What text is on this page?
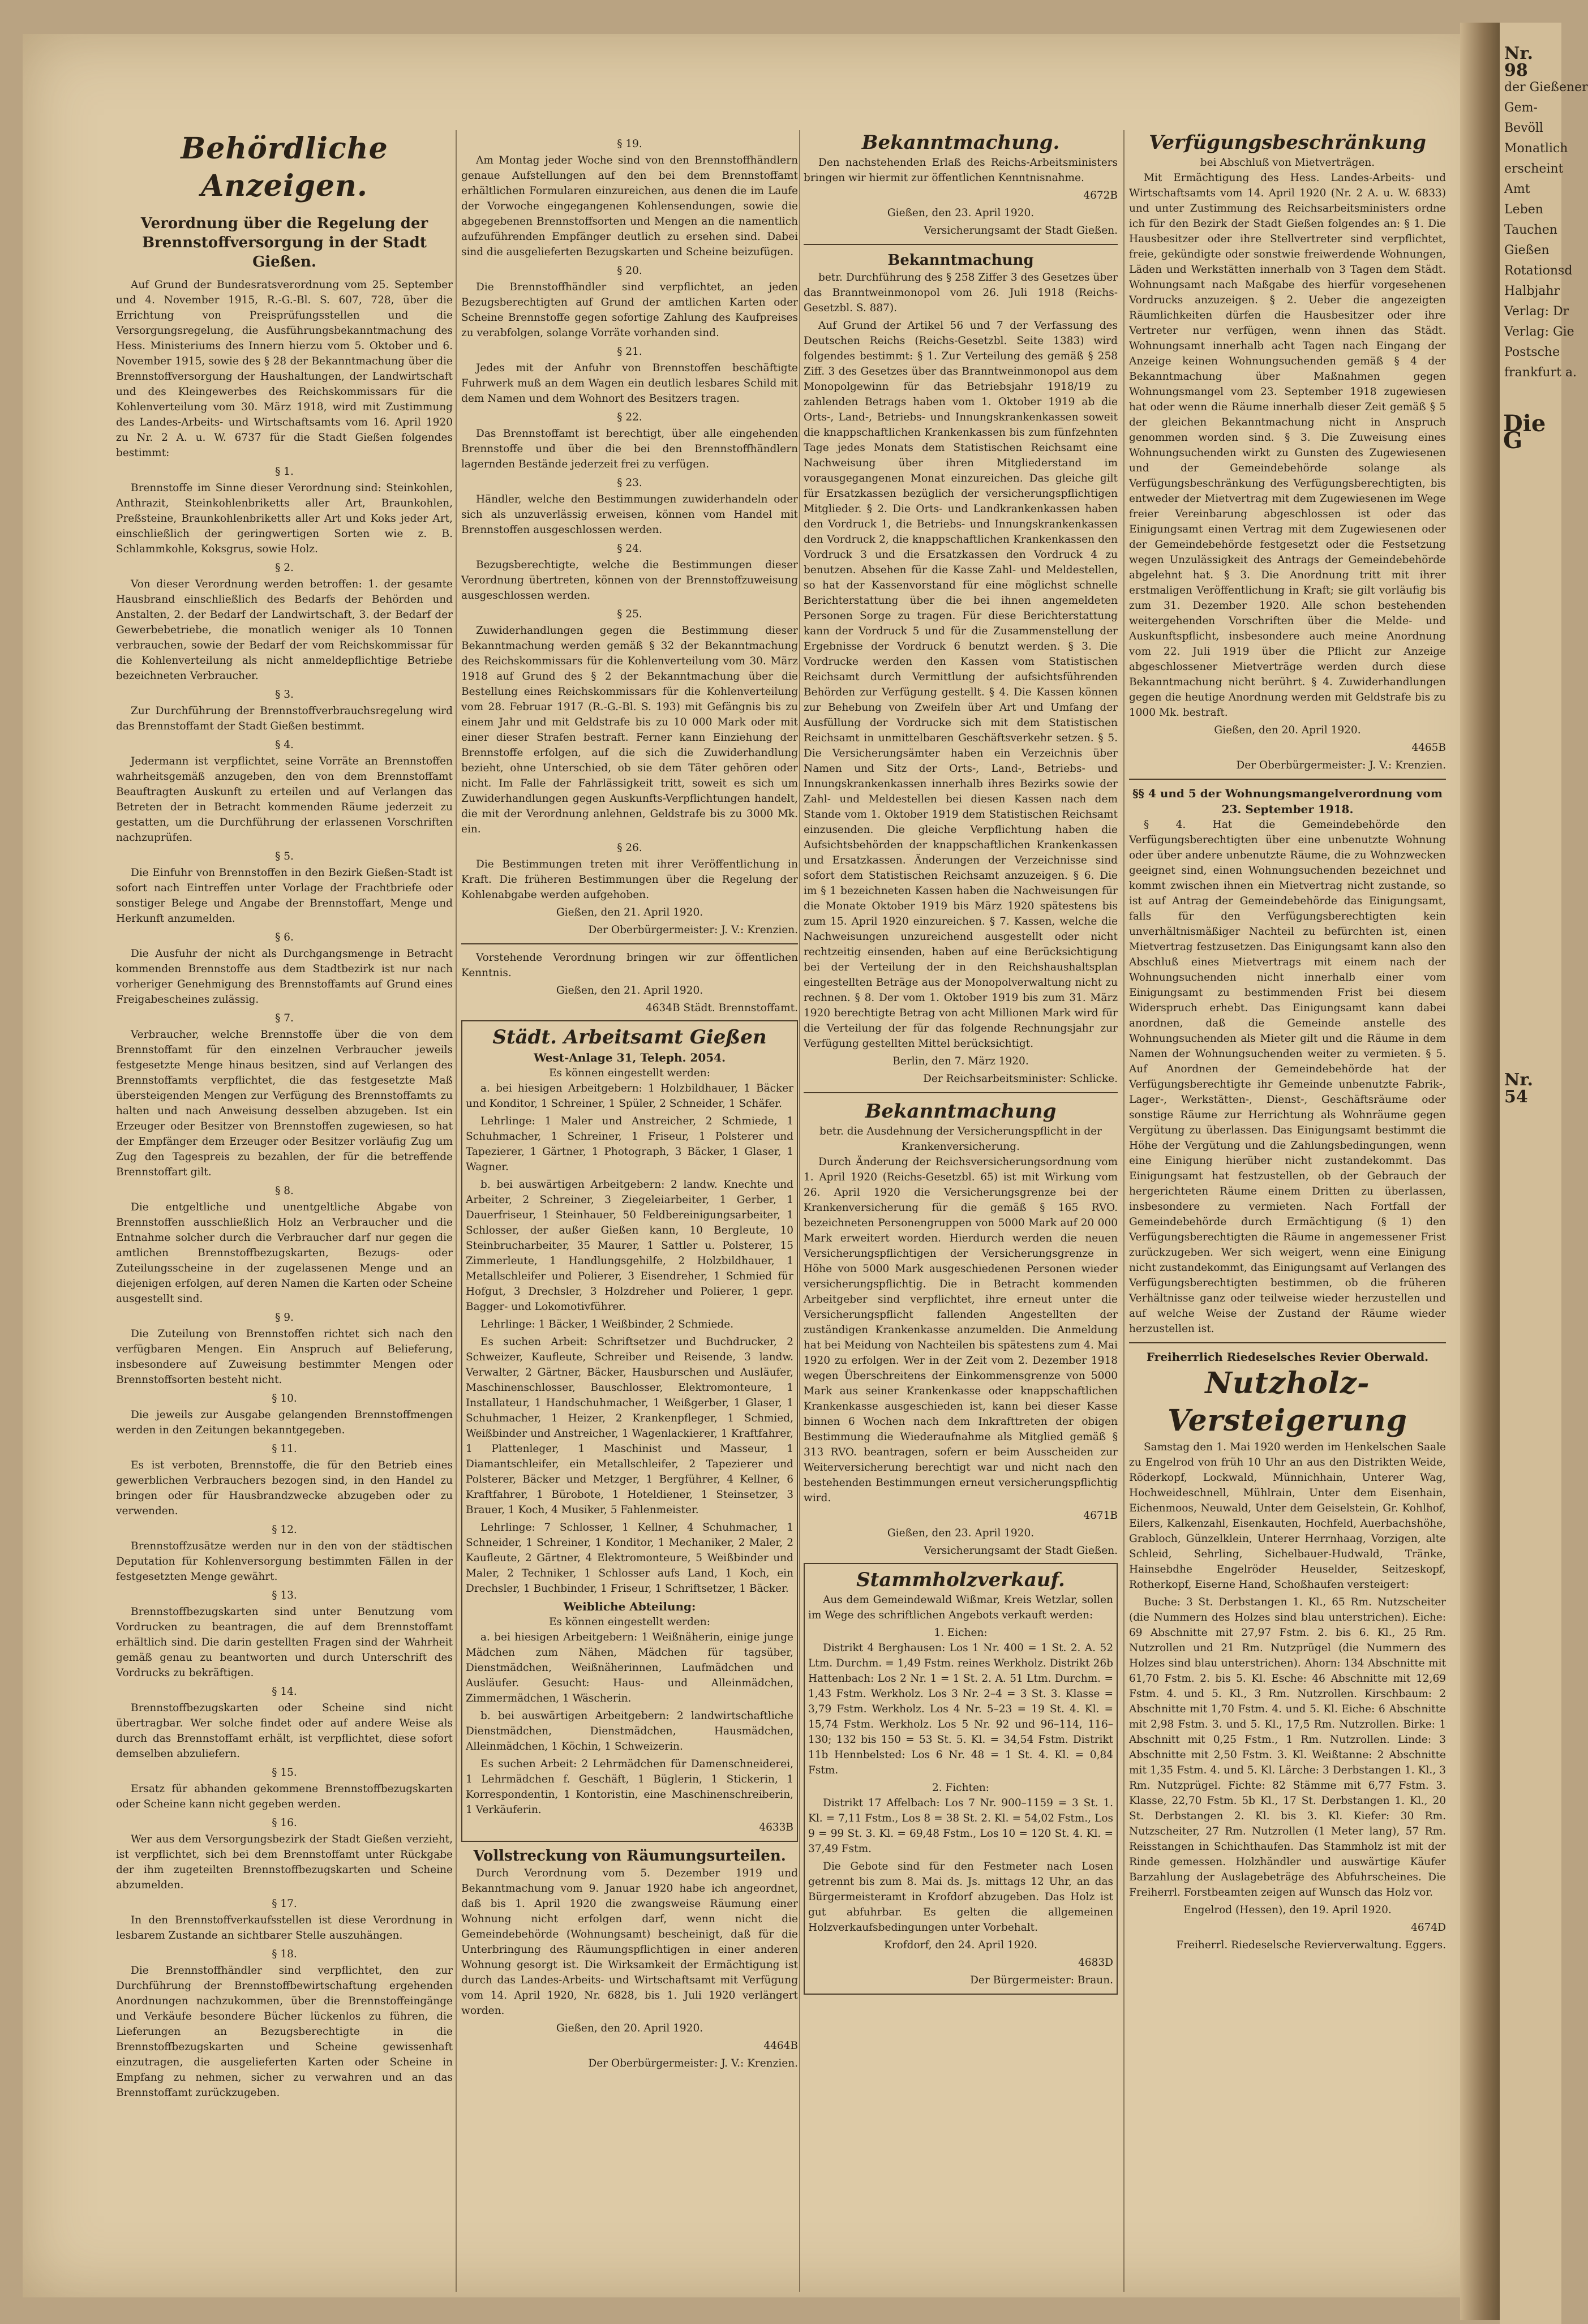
Nr. 98
der Gießener
Gem-
Bevöll
Monatlich
erscheint
Amt
Leben
Tauchen
Gießen
Rotationsd
Halbjahr
Verlag: Dr
Verlag: Gie
Postsche
frankfurt a.
Die G
Nr. 54
Behördliche Anzeigen.
Verordnung über die Regelung der Brennstoffversorgung in der Stadt Gießen.
Auf Grund der Bundesratsverordnung vom 25. September und 4. November 1915, R.-G.-Bl. S. 607, 728, über die Errichtung von Preisprüfungsstellen und die Versorgungsregelung, die Ausführungsbekanntmachung des Hess. Ministeriums des Innern hierzu vom 5. Oktober und 6. November 1915, sowie des § 28 der Bekanntmachung über die Brennstoffversorgung der Haushaltungen, der Landwirtschaft und des Kleingewerbes des Reichskommissars für die Kohlenverteilung vom 30. März 1918, wird mit Zustimmung des Landes-Arbeits- und Wirtschaftsamts vom 16. April 1920 zu Nr. 2 A. u. W. 6737 für die Stadt Gießen folgendes bestimmt:
§ 1.
Brennstoffe im Sinne dieser Verordnung sind: Steinkohlen, Anthrazit, Steinkohlenbriketts aller Art, Braunkohlen, Preßsteine, Braunkohlenbriketts aller Art und Koks jeder Art, einschließlich der geringwertigen Sorten wie z. B. Schlammkohle, Koksgrus, sowie Holz.
§ 2.
Von dieser Verordnung werden betroffen: 1. der gesamte Hausbrand einschließlich des Bedarfs der Behörden und Anstalten, 2. der Bedarf der Landwirtschaft, 3. der Bedarf der Gewerbebetriebe, die monatlich weniger als 10 Tonnen verbrauchen, sowie der Bedarf der vom Reichskommissar für die Kohlenverteilung als nicht anmeldepflichtige Betriebe bezeichneten Verbraucher.
§ 3.
Zur Durchführung der Brennstoffverbrauchsregelung wird das Brennstoffamt der Stadt Gießen bestimmt.
§ 4.
Jedermann ist verpflichtet, seine Vorräte an Brennstoffen wahrheitsgemäß anzugeben, den von dem Brennstoffamt Beauftragten Auskunft zu erteilen und auf Verlangen das Betreten der in Betracht kommenden Räume jederzeit zu gestatten, um die Durchführung der erlassenen Vorschriften nachzuprüfen.
§ 5.
Die Einfuhr von Brennstoffen in den Bezirk Gießen-Stadt ist sofort nach Eintreffen unter Vorlage der Frachtbriefe oder sonstiger Belege und Angabe der Brennstoffart, Menge und Herkunft anzumelden.
§ 6.
Die Ausfuhr der nicht als Durchgangsmenge in Betracht kommenden Brennstoffe aus dem Stadtbezirk ist nur nach vorheriger Genehmigung des Brennstoffamts auf Grund eines Freigabescheines zulässig.
§ 7.
Verbraucher, welche Brennstoffe über die von dem Brennstoffamt für den einzelnen Verbraucher jeweils festgesetzte Menge hinaus besitzen, sind auf Verlangen des Brennstoffamts verpflichtet, die das festgesetzte Maß übersteigenden Mengen zur Verfügung des Brennstoffamts zu halten und nach Anweisung desselben abzugeben. Ist ein Erzeuger oder Besitzer von Brennstoffen zugewiesen, so hat der Empfänger dem Erzeuger oder Besitzer vorläufig Zug um Zug den Tagespreis zu bezahlen, der für die betreffende Brennstoffart gilt.
§ 8.
Die entgeltliche und unentgeltliche Abgabe von Brennstoffen ausschließlich Holz an Verbraucher und die Entnahme solcher durch die Verbraucher darf nur gegen die amtlichen Brennstoffbezugskarten, Bezugs- oder Zuteilungsscheine in der zugelassenen Menge und an diejenigen erfolgen, auf deren Namen die Karten oder Scheine ausgestellt sind.
§ 9.
Die Zuteilung von Brennstoffen richtet sich nach den verfügbaren Mengen. Ein Anspruch auf Belieferung, insbesondere auf Zuweisung bestimmter Mengen oder Brennstoffsorten besteht nicht.
§ 10.
Die jeweils zur Ausgabe gelangenden Brennstoffmengen werden in den Zeitungen bekanntgegeben.
§ 11.
Es ist verboten, Brennstoffe, die für den Betrieb eines gewerblichen Verbrauchers bezogen sind, in den Handel zu bringen oder für Hausbrandzwecke abzugeben oder zu verwenden.
§ 12.
Brennstoffzusätze werden nur in den von der städtischen Deputation für Kohlenversorgung bestimmten Fällen in der festgesetzten Menge gewährt.
§ 13.
Brennstoffbezugskarten sind unter Benutzung vom Vordrucken zu beantragen, die auf dem Brennstoffamt erhältlich sind. Die darin gestellten Fragen sind der Wahrheit gemäß genau zu beantworten und durch Unterschrift des Vordrucks zu bekräftigen.
§ 14.
Brennstoffbezugskarten oder Scheine sind nicht übertragbar. Wer solche findet oder auf andere Weise als durch das Brennstoffamt erhält, ist verpflichtet, diese sofort demselben abzuliefern.
§ 15.
Ersatz für abhanden gekommene Brennstoffbezugskarten oder Scheine kann nicht gegeben werden.
§ 16.
Wer aus dem Versorgungsbezirk der Stadt Gießen verzieht, ist verpflichtet, sich bei dem Brennstoffamt unter Rückgabe der ihm zugeteilten Brennstoffbezugskarten und Scheine abzumelden.
§ 17.
In den Brennstoffverkaufsstellen ist diese Verordnung in lesbarem Zustande an sichtbarer Stelle auszuhängen.
§ 18.
Die Brennstoffhändler sind verpflichtet, den zur Durchführung der Brennstoffbewirtschaftung ergehenden Anordnungen nachzukommen, über die Brennstoffeingänge und Verkäufe besondere Bücher lückenlos zu führen, die Lieferungen an Bezugsberechtigte in die Brennstoffbezugskarten und Scheine gewissenhaft einzutragen, die ausgelieferten Karten oder Scheine in Empfang zu nehmen, sicher zu verwahren und an das Brennstoffamt zurückzugeben.
§ 19.
Am Montag jeder Woche sind von den Brennstoffhändlern genaue Aufstellungen auf den bei dem Brennstoffamt erhältlichen Formularen einzureichen, aus denen die im Laufe der Vorwoche eingegangenen Kohlensendungen, sowie die abgegebenen Brennstoffsorten und Mengen an die namentlich aufzuführenden Empfänger deutlich zu ersehen sind. Dabei sind die ausgelieferten Bezugskarten und Scheine beizufügen.
§ 20.
Die Brennstoffhändler sind verpflichtet, an jeden Bezugsberechtigten auf Grund der amtlichen Karten oder Scheine Brennstoffe gegen sofortige Zahlung des Kaufpreises zu verabfolgen, solange Vorräte vorhanden sind.
§ 21.
Jedes mit der Anfuhr von Brennstoffen beschäftigte Fuhrwerk muß an dem Wagen ein deutlich lesbares Schild mit dem Namen und dem Wohnort des Besitzers tragen.
§ 22.
Das Brennstoffamt ist berechtigt, über alle eingehenden Brennstoffe und über die bei den Brennstoffhändlern lagernden Bestände jederzeit frei zu verfügen.
§ 23.
Händler, welche den Bestimmungen zuwiderhandeln oder sich als unzuverlässig erweisen, können vom Handel mit Brennstoffen ausgeschlossen werden.
§ 24.
Bezugsberechtigte, welche die Bestimmungen dieser Verordnung übertreten, können von der Brennstoffzuweisung ausgeschlossen werden.
§ 25.
Zuwiderhandlungen gegen die Bestimmung dieser Bekanntmachung werden gemäß § 32 der Bekanntmachung des Reichskommissars für die Kohlenverteilung vom 30. März 1918 auf Grund des § 2 der Bekanntmachung über die Bestellung eines Reichskommissars für die Kohlenverteilung vom 28. Februar 1917 (R.-G.-Bl. S. 193) mit Gefängnis bis zu einem Jahr und mit Geldstrafe bis zu 10 000 Mark oder mit einer dieser Strafen bestraft. Ferner kann Einziehung der Brennstoffe erfolgen, auf die sich die Zuwiderhandlung bezieht, ohne Unterschied, ob sie dem Täter gehören oder nicht. Im Falle der Fahrlässigkeit tritt, soweit es sich um Zuwiderhandlungen gegen Auskunfts-Verpflichtungen handelt, die mit der Verordnung anlehnen, Geldstrafe bis zu 3000 Mk. ein.
§ 26.
Die Bestimmungen treten mit ihrer Veröffentlichung in Kraft. Die früheren Bestimmungen über die Regelung der Kohlenabgabe werden aufgehoben.
Gießen, den 21. April 1920.
Der Oberbürgermeister: J. V.: Krenzien.
Vorstehende Verordnung bringen wir zur öffentlichen Kenntnis.
Gießen, den 21. April 1920.
4634B Städt. Brennstoffamt.
Städt. Arbeitsamt Gießen
West-Anlage 31, Teleph. 2054.
Es können eingestellt werden:
a. bei hiesigen Arbeitgebern: 1 Holzbildhauer, 1 Bäcker und Konditor, 1 Schreiner, 1 Spüler, 2 Schneider, 1 Schäfer.
Lehrlinge: 1 Maler und Anstreicher, 2 Schmiede, 1 Schuhmacher, 1 Schreiner, 1 Friseur, 1 Polsterer und Tapezierer, 1 Gärtner, 1 Photograph, 3 Bäcker, 1 Glaser, 1 Wagner.
b. bei auswärtigen Arbeitgebern: 2 landw. Knechte und Arbeiter, 2 Schreiner, 3 Ziegeleiarbeiter, 1 Gerber, 1 Dauerfriseur, 1 Steinhauer, 50 Feldbereinigungsarbeiter, 1 Schlosser, der außer Gießen kann, 10 Bergleute, 10 Steinbrucharbeiter, 35 Maurer, 1 Sattler u. Polsterer, 15 Zimmerleute, 1 Handlungsgehilfe, 2 Holzbildhauer, 1 Metallschleifer und Polierer, 3 Eisendreher, 1 Schmied für Hofgut, 3 Drechsler, 3 Holzdreher und Polierer, 1 gepr. Bagger- und Lokomotivführer.
Lehrlinge: 1 Bäcker, 1 Weißbinder, 2 Schmiede.
Es suchen Arbeit: Schriftsetzer und Buchdrucker, 2 Schweizer, Kaufleute, Schreiber und Reisende, 3 landw. Verwalter, 2 Gärtner, Bäcker, Hausburschen und Ausläufer, Maschinenschlosser, Bauschlosser, Elektromonteure, 1 Installateur, 1 Handschuhmacher, 1 Weißgerber, 1 Glaser, 1 Schuhmacher, 1 Heizer, 2 Krankenpfleger, 1 Schmied, Weißbinder und Anstreicher, 1 Wagenlackierer, 1 Kraftfahrer, 1 Plattenleger, 1 Maschinist und Masseur, 1 Diamantschleifer, ein Metallschleifer, 2 Tapezierer und Polsterer, Bäcker und Metzger, 1 Bergführer, 4 Kellner, 6 Kraftfahrer, 1 Bürobote, 1 Hoteldiener, 1 Steinsetzer, 3 Brauer, 1 Koch, 4 Musiker, 5 Fahlenmeister.
Lehrlinge: 7 Schlosser, 1 Kellner, 4 Schuhmacher, 1 Schneider, 1 Schreiner, 1 Konditor, 1 Mechaniker, 2 Maler, 2 Kaufleute, 2 Gärtner, 4 Elektromonteure, 5 Weißbinder und Maler, 2 Techniker, 1 Schlosser aufs Land, 1 Koch, ein Drechsler, 1 Buchbinder, 1 Friseur, 1 Schriftsetzer, 1 Bäcker.
Weibliche Abteilung:
Es können eingestellt werden:
a. bei hiesigen Arbeitgebern: 1 Weißnäherin, einige junge Mädchen zum Nähen, Mädchen für tagsüber, Dienstmädchen, Weißnäherinnen, Laufmädchen und Ausläufer. Gesucht: Haus- und Alleinmädchen, Zimmermädchen, 1 Wäscherin.
b. bei auswärtigen Arbeitgebern: 2 landwirtschaftliche Dienstmädchen, Dienstmädchen, Hausmädchen, Alleinmädchen, 1 Köchin, 1 Schweizerin.
Es suchen Arbeit: 2 Lehrmädchen für Damenschneiderei, 1 Lehrmädchen f. Geschäft, 1 Büglerin, 1 Stickerin, 1 Korrespondentin, 1 Kontoristin, eine Maschinenschreiberin, 1 Verkäuferin.
4633B
Vollstreckung von Räumungsurteilen.
Durch Verordnung vom 5. Dezember 1919 und Bekanntmachung vom 9. Januar 1920 habe ich angeordnet, daß bis 1. April 1920 die zwangsweise Räumung einer Wohnung nicht erfolgen darf, wenn nicht die Gemeindebehörde (Wohnungsamt) bescheinigt, daß für die Unterbringung des Räumungspflichtigen in einer anderen Wohnung gesorgt ist. Die Wirksamkeit der Ermächtigung ist durch das Landes-Arbeits- und Wirtschaftsamt mit Verfügung vom 14. April 1920, Nr. 6828, bis 1. Juli 1920 verlängert worden.
Gießen, den 20. April 1920.
4464B
Der Oberbürgermeister: J. V.: Krenzien.
Bekanntmachung.
Den nachstehenden Erlaß des Reichs-Arbeitsministers bringen wir hiermit zur öffentlichen Kenntnisnahme.
4672B
Gießen, den 23. April 1920.
Versicherungsamt der Stadt Gießen.
Bekanntmachung
betr. Durchführung des § 258 Ziffer 3 des Gesetzes über das Branntweinmonopol vom 26. Juli 1918 (Reichs-Gesetzbl. S. 887).
Auf Grund der Artikel 56 und 7 der Verfassung des Deutschen Reichs (Reichs-Gesetzbl. Seite 1383) wird folgendes bestimmt: § 1. Zur Verteilung des gemäß § 258 Ziff. 3 des Gesetzes über das Branntweinmonopol aus dem Monopolgewinn für das Betriebsjahr 1918/19 zu zahlenden Betrags haben vom 1. Oktober 1919 ab die Orts-, Land-, Betriebs- und Innungskrankenkassen soweit die knappschaftlichen Krankenkassen bis zum fünfzehnten Tage jedes Monats dem Statistischen Reichsamt eine Nachweisung über ihren Mitgliederstand im vorausgegangenen Monat einzureichen. Das gleiche gilt für Ersatzkassen bezüglich der versicherungspflichtigen Mitglieder. § 2. Die Orts- und Landkrankenkassen haben den Vordruck 1, die Betriebs- und Innungskrankenkassen den Vordruck 2, die knappschaftlichen Krankenkassen den Vordruck 3 und die Ersatzkassen den Vordruck 4 zu benutzen. Absehen für die Kasse Zahl- und Meldestellen, so hat der Kassenvorstand für eine möglichst schnelle Berichterstattung über die bei ihnen angemeldeten Personen Sorge zu tragen. Für diese Berichterstattung kann der Vordruck 5 und für die Zusammenstellung der Ergebnisse der Vordruck 6 benutzt werden. § 3. Die Vordrucke werden den Kassen vom Statistischen Reichsamt durch Vermittlung der aufsichtsführenden Behörden zur Verfügung gestellt. § 4. Die Kassen können zur Behebung von Zweifeln über Art und Umfang der Ausfüllung der Vordrucke sich mit dem Statistischen Reichsamt in unmittelbaren Geschäftsverkehr setzen. § 5. Die Versicherungsämter haben ein Verzeichnis über Namen und Sitz der Orts-, Land-, Betriebs- und Innungskrankenkassen innerhalb ihres Bezirks sowie der Zahl- und Meldestellen bei diesen Kassen nach dem Stande vom 1. Oktober 1919 dem Statistischen Reichsamt einzusenden. Die gleiche Verpflichtung haben die Aufsichtsbehörden der knappschaftlichen Krankenkassen und Ersatzkassen. Änderungen der Verzeichnisse sind sofort dem Statistischen Reichsamt anzuzeigen. § 6. Die im § 1 bezeichneten Kassen haben die Nachweisungen für die Monate Oktober 1919 bis März 1920 spätestens bis zum 15. April 1920 einzureichen. § 7. Kassen, welche die Nachweisungen unzureichend ausgestellt oder nicht rechtzeitig einsenden, haben auf eine Berücksichtigung bei der Verteilung der in den Reichshaushaltsplan eingestellten Beträge aus der Monopolverwaltung nicht zu rechnen. § 8. Der vom 1. Oktober 1919 bis zum 31. März 1920 berechtigte Betrag von acht Millionen Mark wird für die Verteilung der für das folgende Rechnungsjahr zur Verfügung gestellten Mittel berücksichtigt.
Berlin, den 7. März 1920.
Der Reichsarbeitsminister: Schlicke.
Bekanntmachung
betr. die Ausdehnung der Versicherungspflicht in der Krankenversicherung.
Durch Änderung der Reichsversicherungsordnung vom 1. April 1920 (Reichs-Gesetzbl. 65) ist mit Wirkung vom 26. April 1920 die Versicherungsgrenze bei der Krankenversicherung für die gemäß § 165 RVO. bezeichneten Personengruppen von 5000 Mark auf 20 000 Mark erweitert worden. Hierdurch werden die neuen Versicherungspflichtigen der Versicherungsgrenze in Höhe von 5000 Mark ausgeschiedenen Personen wieder versicherungspflichtig. Die in Betracht kommenden Arbeitgeber sind verpflichtet, ihre erneut unter die Versicherungspflicht fallenden Angestellten der zuständigen Krankenkasse anzumelden. Die Anmeldung hat bei Meidung von Nachteilen bis spätestens zum 4. Mai 1920 zu erfolgen. Wer in der Zeit vom 2. Dezember 1918 wegen Überschreitens der Einkommensgrenze von 5000 Mark aus seiner Krankenkasse oder knappschaftlichen Krankenkasse ausgeschieden ist, kann bei dieser Kasse binnen 6 Wochen nach dem Inkrafttreten der obigen Bestimmung die Wiederaufnahme als Mitglied gemäß § 313 RVO. beantragen, sofern er beim Ausscheiden zur Weiterversicherung berechtigt war und nicht nach den bestehenden Bestimmungen erneut versicherungspflichtig wird.
4671B
Gießen, den 23. April 1920.
Versicherungsamt der Stadt Gießen.
Stammholzverkauf.
Aus dem Gemeindewald Wißmar, Kreis Wetzlar, sollen im Wege des schriftlichen Angebots verkauft werden:
1. Eichen:
Distrikt 4 Berghausen: Los 1 Nr. 400 = 1 St. 2. A. 52 Ltm. Durchm. = 1,49 Fstm. reines Werkholz. Distrikt 26b Hattenbach: Los 2 Nr. 1 = 1 St. 2. A. 51 Ltm. Durchm. = 1,43 Fstm. Werkholz. Los 3 Nr. 2–4 = 3 St. 3. Klasse = 3,79 Fstm. Werkholz. Los 4 Nr. 5–23 = 19 St. 4. Kl. = 15,74 Fstm. Werkholz. Los 5 Nr. 92 und 96–114, 116–130; 132 bis 150 = 53 St. 5. Kl. = 34,54 Fstm. Distrikt 11b Hennbelsted: Los 6 Nr. 48 = 1 St. 4. Kl. = 0,84 Fstm.
2. Fichten:
Distrikt 17 Affelbach: Los 7 Nr. 900–1159 = 3 St. 1. Kl. = 7,11 Fstm., Los 8 = 38 St. 2. Kl. = 54,02 Fstm., Los 9 = 99 St. 3. Kl. = 69,48 Fstm., Los 10 = 120 St. 4. Kl. = 37,49 Fstm.
Die Gebote sind für den Festmeter nach Losen getrennt bis zum 8. Mai ds. Js. mittags 12 Uhr, an das Bürgermeisteramt in Krofdorf abzugeben. Das Holz ist gut abfuhrbar. Es gelten die allgemeinen Holzverkaufsbedingungen unter Vorbehalt.
Krofdorf, den 24. April 1920.
4683D
Der Bürgermeister: Braun.
Verfügungsbeschränkung
bei Abschluß von Mietverträgen.
Mit Ermächtigung des Hess. Landes-Arbeits- und Wirtschaftsamts vom 14. April 1920 (Nr. 2 A. u. W. 6833) und unter Zustimmung des Reichsarbeitsministers ordne ich für den Bezirk der Stadt Gießen folgendes an: § 1. Die Hausbesitzer oder ihre Stellvertreter sind verpflichtet, freie, gekündigte oder sonstwie freiwerdende Wohnungen, Läden und Werkstätten innerhalb von 3 Tagen dem Städt. Wohnungsamt nach Maßgabe des hierfür vorgesehenen Vordrucks anzuzeigen. § 2. Ueber die angezeigten Räumlichkeiten dürfen die Hausbesitzer oder ihre Vertreter nur verfügen, wenn ihnen das Städt. Wohnungsamt innerhalb acht Tagen nach Eingang der Anzeige keinen Wohnungsuchenden gemäß § 4 der Bekanntmachung über Maßnahmen gegen Wohnungsmangel vom 23. September 1918 zugewiesen hat oder wenn die Räume innerhalb dieser Zeit gemäß § 5 der gleichen Bekanntmachung nicht in Anspruch genommen worden sind. § 3. Die Zuweisung eines Wohnungsuchenden wirkt zu Gunsten des Zugewiesenen und der Gemeindebehörde solange als Verfügungsbeschränkung des Verfügungsberechtigten, bis entweder der Mietvertrag mit dem Zugewiesenen im Wege freier Vereinbarung abgeschlossen ist oder das Einigungsamt einen Vertrag mit dem Zugewiesenen oder der Gemeindebehörde festgesetzt oder die Festsetzung wegen Unzulässigkeit des Antrags der Gemeindebehörde abgelehnt hat. § 3. Die Anordnung tritt mit ihrer erstmaligen Veröffentlichung in Kraft; sie gilt vorläufig bis zum 31. Dezember 1920. Alle schon bestehenden weitergehenden Vorschriften über die Melde- und Auskunftspflicht, insbesondere auch meine Anordnung vom 22. Juli 1919 über die Pflicht zur Anzeige abgeschlossener Mietverträge werden durch diese Bekanntmachung nicht berührt. § 4. Zuwiderhandlungen gegen die heutige Anordnung werden mit Geldstrafe bis zu 1000 Mk. bestraft.
Gießen, den 20. April 1920.
4465B
Der Oberbürgermeister: J. V.: Krenzien.
§§ 4 und 5 der Wohnungsmangelverordnung vom 23. September 1918.
§ 4. Hat die Gemeindebehörde den Verfügungsberechtigten über eine unbenutzte Wohnung oder über andere unbenutzte Räume, die zu Wohnzwecken geeignet sind, einen Wohnungsuchenden bezeichnet und kommt zwischen ihnen ein Mietvertrag nicht zustande, so ist auf Antrag der Gemeindebehörde das Einigungsamt, falls für den Verfügungsberechtigten kein unverhältnismäßiger Nachteil zu befürchten ist, einen Mietvertrag festzusetzen. Das Einigungsamt kann also den Abschluß eines Mietvertrags mit einem nach der Wohnungsuchenden nicht innerhalb einer vom Einigungsamt zu bestimmenden Frist bei diesem Widerspruch erhebt. Das Einigungsamt kann dabei anordnen, daß die Gemeinde anstelle des Wohnungsuchenden als Mieter gilt und die Räume in dem Namen der Wohnungsuchenden weiter zu vermieten. § 5. Auf Anordnen der Gemeindebehörde hat der Verfügungsberechtigte ihr Gemeinde unbenutzte Fabrik-, Lager-, Werkstätten-, Dienst-, Geschäftsräume oder sonstige Räume zur Herrichtung als Wohnräume gegen Vergütung zu überlassen. Das Einigungsamt bestimmt die Höhe der Vergütung und die Zahlungsbedingungen, wenn eine Einigung hierüber nicht zustandekommt. Das Einigungsamt hat festzustellen, ob der Gebrauch der hergerichteten Räume einem Dritten zu überlassen, insbesondere zu vermieten. Nach Fortfall der Gemeindebehörde durch Ermächtigung (§ 1) den Verfügungsberechtigten die Räume in angemessener Frist zurückzugeben. Wer sich weigert, wenn eine Einigung nicht zustandekommt, das Einigungsamt auf Verlangen des Verfügungsberechtigten bestimmen, ob die früheren Verhältnisse ganz oder teilweise wieder herzustellen und auf welche Weise der Zustand der Räume wieder herzustellen ist.
Freiherrlich Riedeselsches Revier Oberwald.
Nutzholz-Versteigerung
Samstag den 1. Mai 1920 werden im Henkelschen Saale zu Engelrod von früh 10 Uhr an aus den Distrikten Weide, Röderkopf, Lockwald, Münnichhain, Unterer Wag, Hochweideschnell, Mühlrain, Unter dem Eisenhain, Eichenmoos, Neuwald, Unter dem Geiselstein, Gr. Kohlhof, Eilers, Kalkenzahl, Eisenkauten, Hochfeld, Auerbachshöhe, Grabloch, Günzelklein, Unterer Herrnhaag, Vorzigen, alte Schleid, Sehrling, Sichelbauer-Hudwald, Tränke, Hainsebdhe Engelröder Heuselder, Seitzeskopf, Rotherkopf, Eiserne Hand, Schoßhaufen versteigert:
Buche: 3 St. Derbstangen 1. Kl., 65 Rm. Nutzscheiter (die Nummern des Holzes sind blau unterstrichen). Eiche: 69 Abschnitte mit 27,97 Fstm. 2. bis 6. Kl., 25 Rm. Nutzrollen und 21 Rm. Nutzprügel (die Nummern des Holzes sind blau unterstrichen). Ahorn: 134 Abschnitte mit 61,70 Fstm. 2. bis 5. Kl. Esche: 46 Abschnitte mit 12,69 Fstm. 4. und 5. Kl., 3 Rm. Nutzrollen. Kirschbaum: 2 Abschnitte mit 1,70 Fstm. 4. und 5. Kl. Eiche: 6 Abschnitte mit 2,98 Fstm. 3. und 5. Kl., 17,5 Rm. Nutzrollen. Birke: 1 Abschnitt mit 0,25 Fstm., 1 Rm. Nutzrollen. Linde: 3 Abschnitte mit 2,50 Fstm. 3. Kl. Weißtanne: 2 Abschnitte mit 1,35 Fstm. 4. und 5. Kl. Lärche: 3 Derbstangen 1. Kl., 3 Rm. Nutzprügel. Fichte: 82 Stämme mit 6,77 Fstm. 3. Klasse, 22,70 Fstm. 5b Kl., 17 St. Derbstangen 1. Kl., 20 St. Derbstangen 2. Kl. bis 3. Kl. Kiefer: 30 Rm. Nutzscheiter, 27 Rm. Nutzrollen (1 Meter lang), 57 Rm. Reisstangen in Schichthaufen. Das Stammholz ist mit der Rinde gemessen. Holzhändler und auswärtige Käufer Barzahlung der Auslagebeträge des Abfuhrscheines. Die Freiherrl. Forstbeamten zeigen auf Wunsch das Holz vor.
Engelrod (Hessen), den 19. April 1920.
4674D
Freiherrl. Riedeselsche Revierverwaltung. Eggers.
